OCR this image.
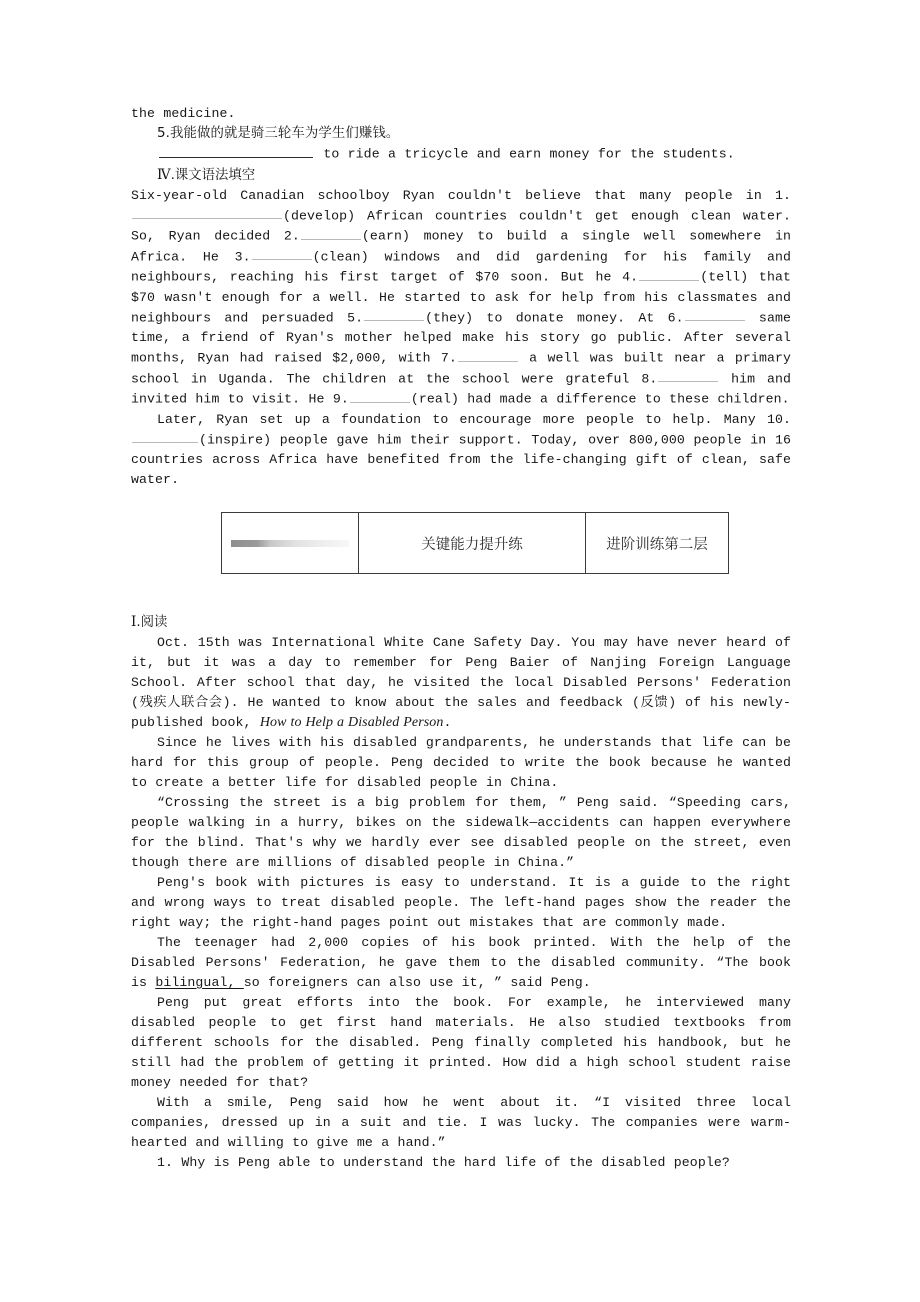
the medicine.

5.我能做的就是骑三轮车为学生们赚钱。

to ride a tricycle and earn money for the students.

Ⅳ.课文语法填空

Six-year-old Canadian schoolboy Ryan couldn't believe that many people in 1.(develop) African countries couldn't get enough clean water. So, Ryan decided 2.	(earn) money to build a single well somewhere in Africa. He 3.	(clean) windows and did gardening for his family and neighbours, reaching his first target of $70 soon. But he 4.	(tell) that $70 wasn't enough for a well. He started to ask for help from his classmates and neighbours and persuaded 5.	(they) to donate money. At 6.	same time, a friend of Ryan's mother helped make his story go public. After several months, Ryan had raised $2,000, with 7.	a well was built near a primary school in Uganda. The children at the school were grateful 8.	him and invited him to visit. He 9.	(real) had made a difference to these children.

Later, Ryan set up a foundation to encourage more people to help. Many 10.(inspire) people gave him their support. Today, over 800,000 people in 16 countries across Africa have benefited from the life-changing gift of clean, safe water.

	关键能力提升练	进阶训练第二层

Ⅰ.阅读

Oct. 15th was International White Cane Safety Day. You may have never heard of it, but it was a day to remember for Peng Baier of Nanjing Foreign Language School. After school that day, he visited the local Disabled Persons' Federation (残疾人联合会). He wanted to know about the sales and feedback (反馈) of his newly-published book, How to Help a Disabled Person.

Since he lives with his disabled grandparents, he understands that life can be hard for this group of people. Peng decided to write the book because he wanted to create a better life for disabled people in China.

“Crossing the street is a big problem for them, ” Peng said. “Speeding cars, people walking in a hurry, bikes on the sidewalk—accidents can happen everywhere for the blind. That's why we hardly ever see disabled people on the street, even though there are millions of disabled people in China.”

Peng's book with pictures is easy to understand. It is a guide to the right and wrong ways to treat disabled people. The left-hand pages show the reader the right way; the right-hand pages point out mistakes that are commonly made.

The teenager had 2,000 copies of his book printed. With the help of the Disabled Persons' Federation, he gave them to the disabled community. “The book is bilingual, so foreigners can also use it, ” said Peng.

Peng put great efforts into the book. For example, he interviewed many disabled people to get first hand materials. He also studied textbooks from different schools for the disabled. Peng finally completed his handbook, but he still had the problem of getting it printed. How did a high school student raise money needed for that?

With a smile, Peng said how he went about it. “I visited three local companies, dressed up in a suit and tie. I was lucky. The companies were warm-hearted and willing to give me a hand.”

1. Why is Peng able to understand the hard life of the disabled people?
